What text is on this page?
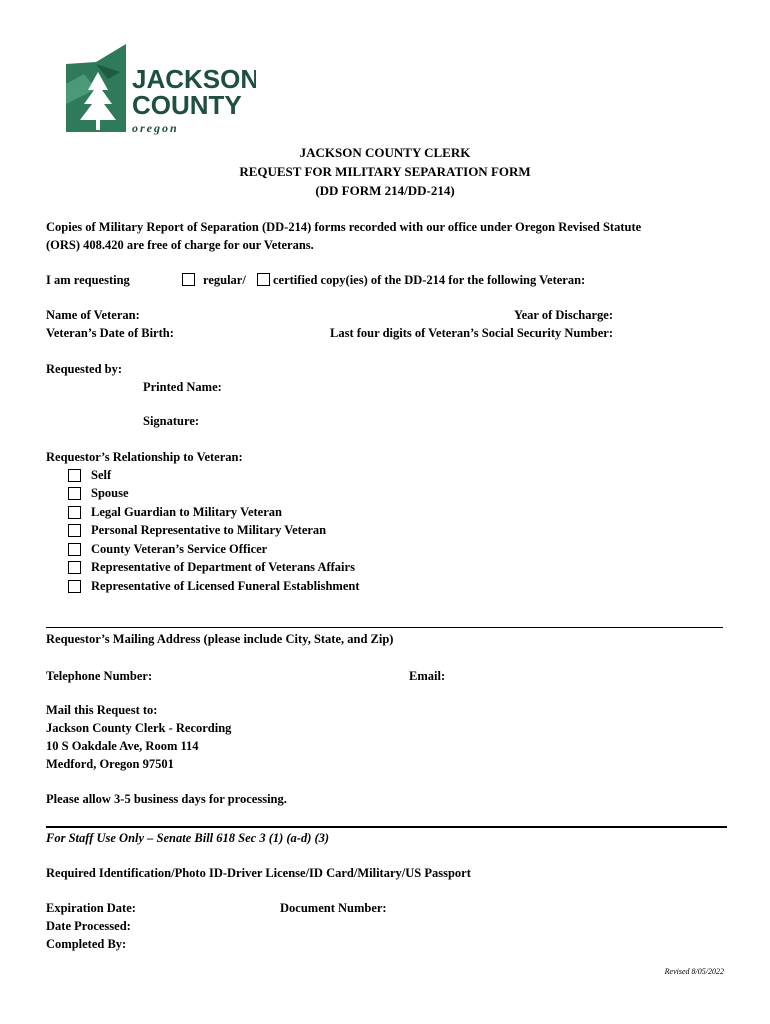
JACKSON
COUNTY
oregon
JACKSON COUNTY CLERK
REQUEST FOR MILITARY SEPARATION FORM
(DD FORM 214/DD-214)
Copies of Military Report of Separation (DD-214) forms recorded with our office under Oregon Revised Statute
(ORS) 408.420 are free of charge for our Veterans.
I am requesting	regular/ certified copy(ies) of the DD-214 for the following Veteran:
Name of Veteran:	Year of Discharge:
Veteran’s Date of Birth:	Last four digits of Veteran’s Social Security Number:
Requested by:
Printed Name:
Signature:
Requestor’s Relationship to Veteran:
Self
Spouse
Legal Guardian to Military Veteran
Personal Representative to Military Veteran
County Veteran’s Service Officer
Representative of Department of Veterans Affairs
Representative of Licensed Funeral Establishment
Requestor’s Mailing Address (please include City, State, and Zip)
Telephone Number:	Email:
Mail this Request to:
Jackson County Clerk - Recording
10 S Oakdale Ave, Room 114
Medford, Oregon 97501
Please allow 3-5 business days for processing.
For Staff Use Only – Senate Bill 618 Sec 3 (1) (a-d) (3)
Required Identification/Photo ID-Driver License/ID Card/Military/US Passport
Expiration Date:	Document Number:
Date Processed:
Completed By:
Revised 8/05/2022
